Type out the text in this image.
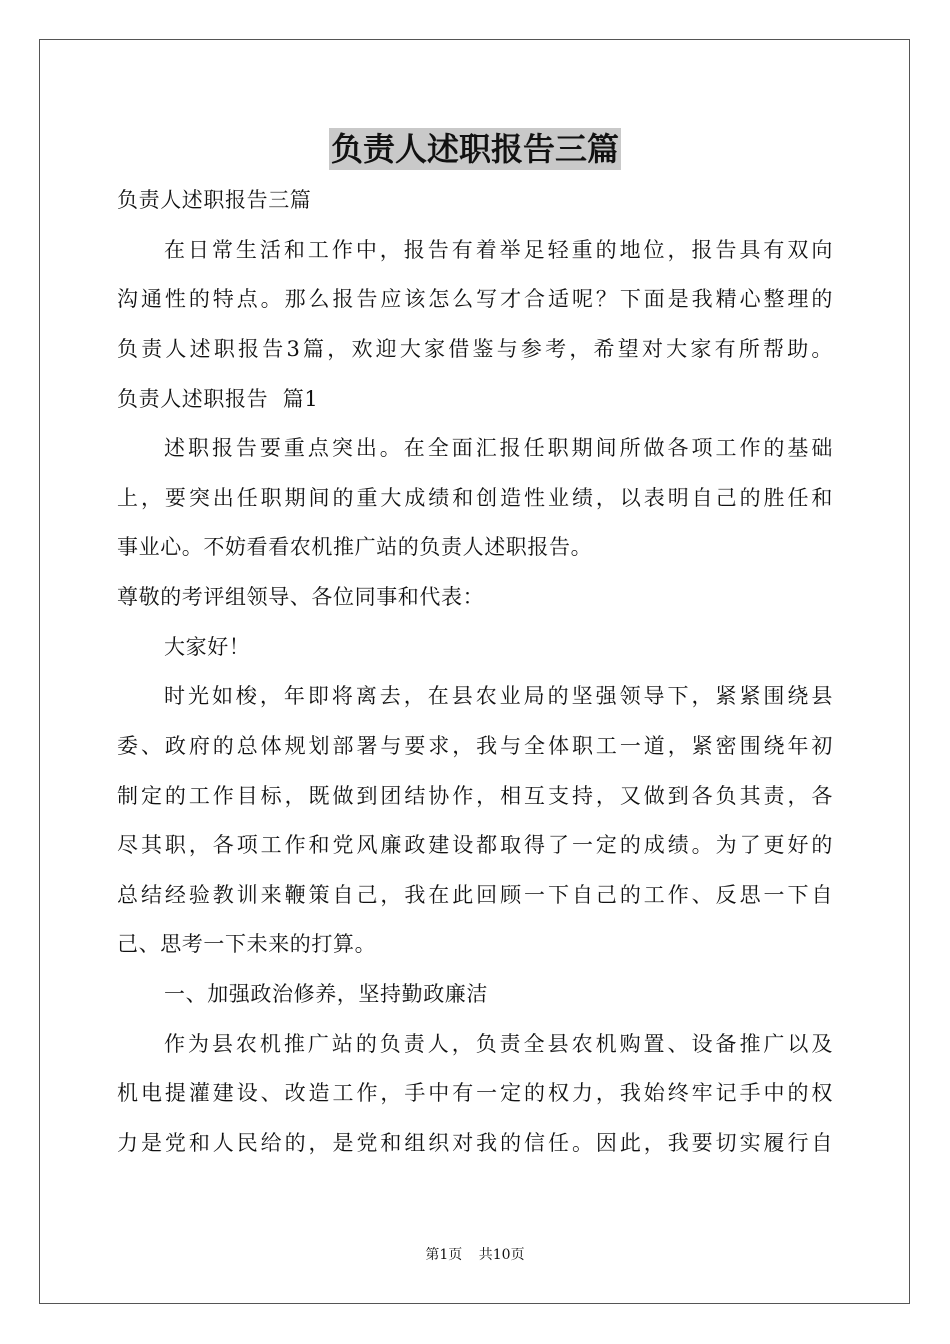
负责人述职报告三篇
负责人述职报告三篇
在日常生活和工作中，报告有着举足轻重的地位，报告具有双向
沟通性的特点。那么报告应该怎么写才合适呢？下面是我精心整理的
负责人述职报告3篇，欢迎大家借鉴与参考，希望对大家有所帮助。
负责人述职报告  篇1
述职报告要重点突出。在全面汇报任职期间所做各项工作的基础
上，要突出任职期间的重大成绩和创造性业绩，以表明自己的胜任和
事业心。不妨看看农机推广站的负责人述职报告。
尊敬的考评组领导、各位同事和代表：
大家好！
时光如梭，年即将离去，在县农业局的坚强领导下，紧紧围绕县
委、政府的总体规划部署与要求，我与全体职工一道，紧密围绕年初
制定的工作目标，既做到团结协作，相互支持，又做到各负其责，各
尽其职，各项工作和党风廉政建设都取得了一定的成绩。为了更好的
总结经验教训来鞭策自己，我在此回顾一下自己的工作、反思一下自
己、思考一下未来的打算。
一、加强政治修养，坚持勤政廉洁
作为县农机推广站的负责人，负责全县农机购置、设备推广以及
机电提灌建设、改造工作，手中有一定的权力，我始终牢记手中的权
力是党和人民给的，是党和组织对我的信任。因此，我要切实履行自
第1页 共10页
